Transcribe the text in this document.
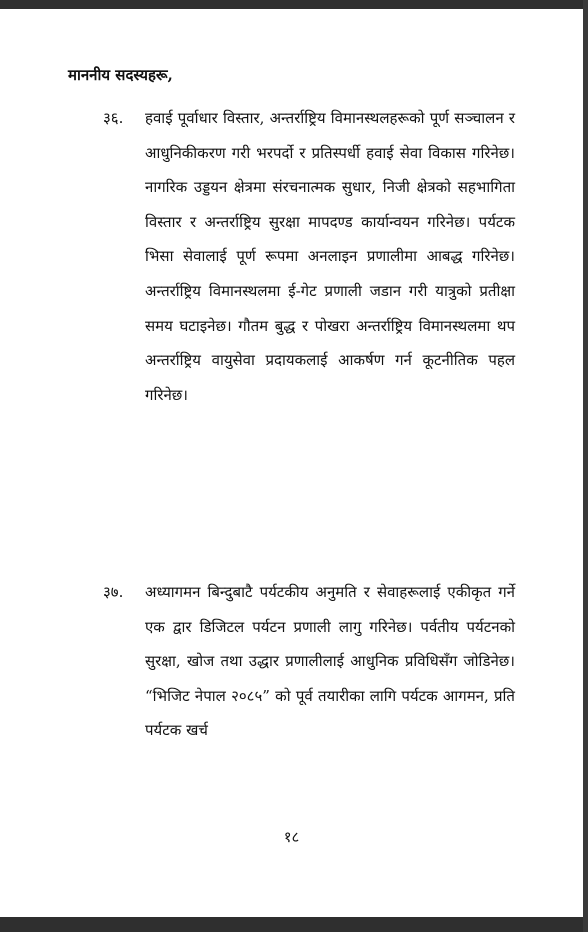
माननीय सदस्यहरू,
३६.	हवाई पूर्वाधार विस्तार, अन्तर्राष्ट्रिय विमानस्थलहरूको पूर्ण सञ्चालन र आधुनिकीकरण गरी भरपर्दो र प्रतिस्पर्धी हवाई सेवा विकास गरिनेछ। नागरिक उड्डयन क्षेत्रमा संरचनात्मक सुधार, निजी क्षेत्रको सहभागिता विस्तार र अन्तर्राष्ट्रिय सुरक्षा मापदण्ड कार्यान्वयन गरिनेछ। पर्यटक भिसा सेवालाई पूर्ण रूपमा अनलाइन प्रणालीमा आबद्ध गरिनेछ। अन्तर्राष्ट्रिय विमानस्थलमा ई-गेट प्रणाली जडान गरी यात्रुको प्रतीक्षा समय घटाइनेछ। गौतम बुद्ध र पोखरा अन्तर्राष्ट्रिय विमानस्थलमा थप अन्तर्राष्ट्रिय वायुसेवा प्रदायकलाई आकर्षण गर्न कूटनीतिक पहल गरिनेछ।
३७.	अध्यागमन बिन्दुबाटै पर्यटकीय अनुमति र सेवाहरूलाई एकीकृत गर्ने एक द्वार डिजिटल पर्यटन प्रणाली लागु गरिनेछ। पर्वतीय पर्यटनको सुरक्षा, खोज तथा उद्धार प्रणालीलाई आधुनिक प्रविधिसँग जोडिनेछ। “भिजिट नेपाल २०८५” को पूर्व तयारीका लागि पर्यटक आगमन, प्रति पर्यटक खर्च
१८
